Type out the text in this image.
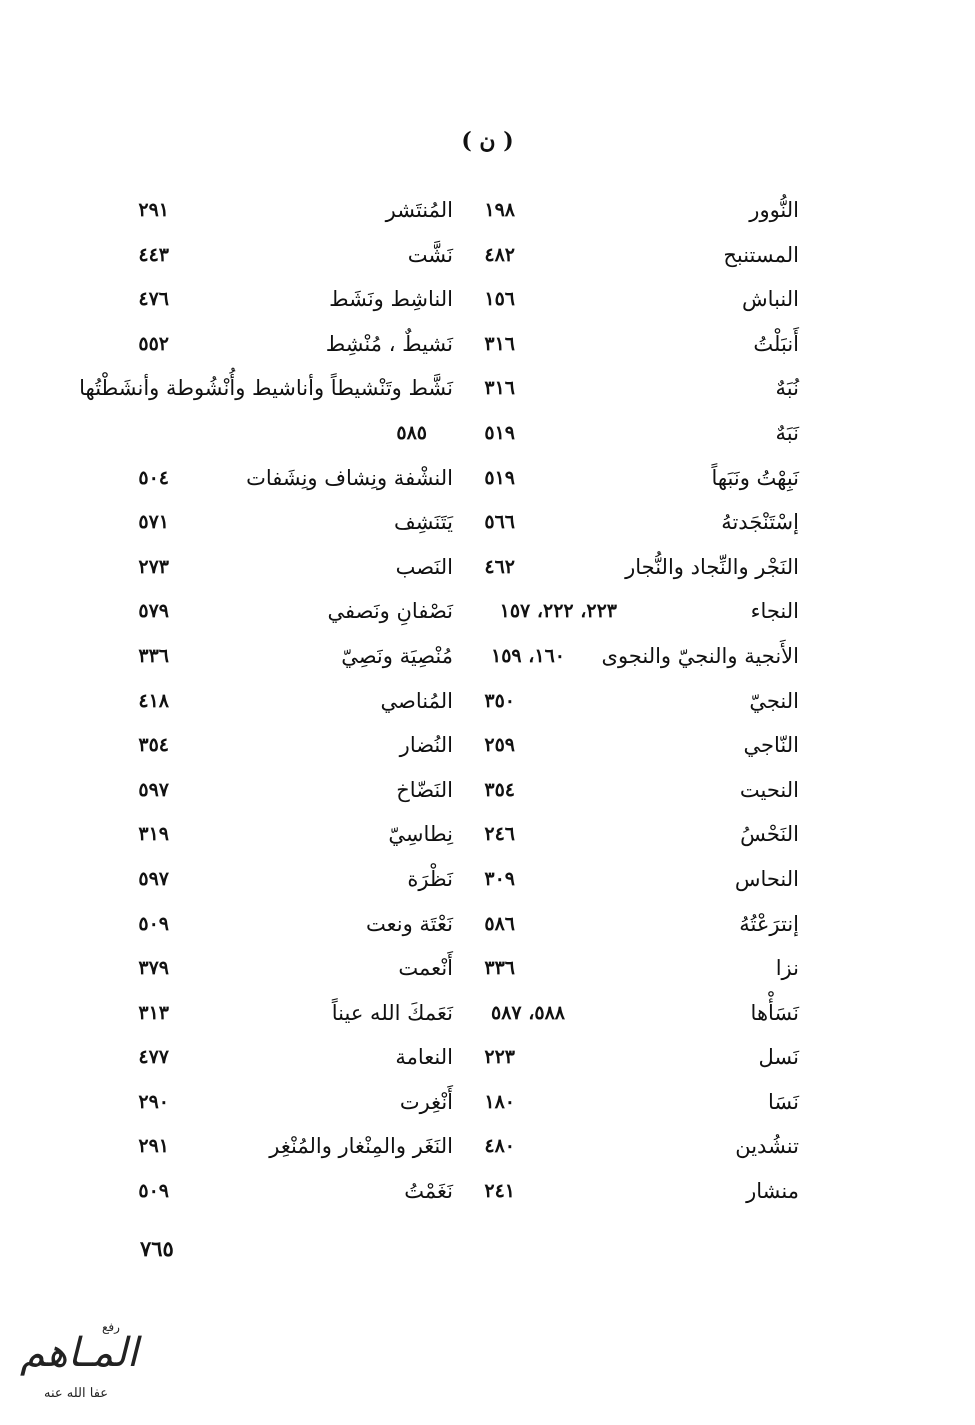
( ن )
النُّوور
١٩٨
المُنتَشر
٢٩١
المستنبح
٤٨٢
نَشَّت
٤٤٣
النباش
١٥٦
الناشِط ونَشَط
٤٧٦
أَنبَلْتُ
٣١٦
نَشيطٌ ، مُنْشِط
٥٥٢
نُبَهٌ
٣١٦
نَشَّط وتَنْشيطاً وأناشيط وأُنْشُوطة وأنشَطْتُها
نَبَهٌ
٥١٩
٥٨٥
نَبِهْتُ ونَبَهاً
٥١٩
النشْفة ونِشاف ونِشَفات
٥٠٤
إسْتَنْجَدتهُ
٥٦٦
يَتَنَشِف
٥٧١
النَجْر والنِّجاد والنُّجار
٤٦٢
النَصب
٢٧٣
النجاء
٢٢٣، ٢٢٢، ١٥٧
نَصْفانِ ونَصفي
٥٧٩
الأَنجية والنجيّ والنجوى
١٦٠، ١٥٩
مُنْصِيَة ونَصِيّ
٣٣٦
النجيّ
٣٥٠
المُناصي
٤١٨
النّاجي
٢٥٩
النُضار
٣٥٤
النحيت
٣٥٤
النَضّاخ
٥٩٧
النَحْسُ
٢٤٦
نِطاسِيّ
٣١٩
النحاس
٣٠٩
نَظْرَة
٥٩٧
إنترَعْتُهُ
٥٨٦
نَعْتَة ونعت
٥٠٩
نزا
٣٣٦
أَنْعمت
٣٧٩
نَسَأْها
٥٨٨، ٥٨٧
نَعَمكَ الله عيناً
٣١٣
نَسل
٢٢٣
النعامة
٤٧٧
نَسَا
١٨٠
أَنْغِرت
٢٩٠
تنشُدين
٤٨٠
النَغَر والمِنْغار والمُنْغِر
٢٩١
منشار
٢٤١
نَغَمْتُ
٥٠٩
٧٦٥
رفع
المـاهم
عفا الله عنه
